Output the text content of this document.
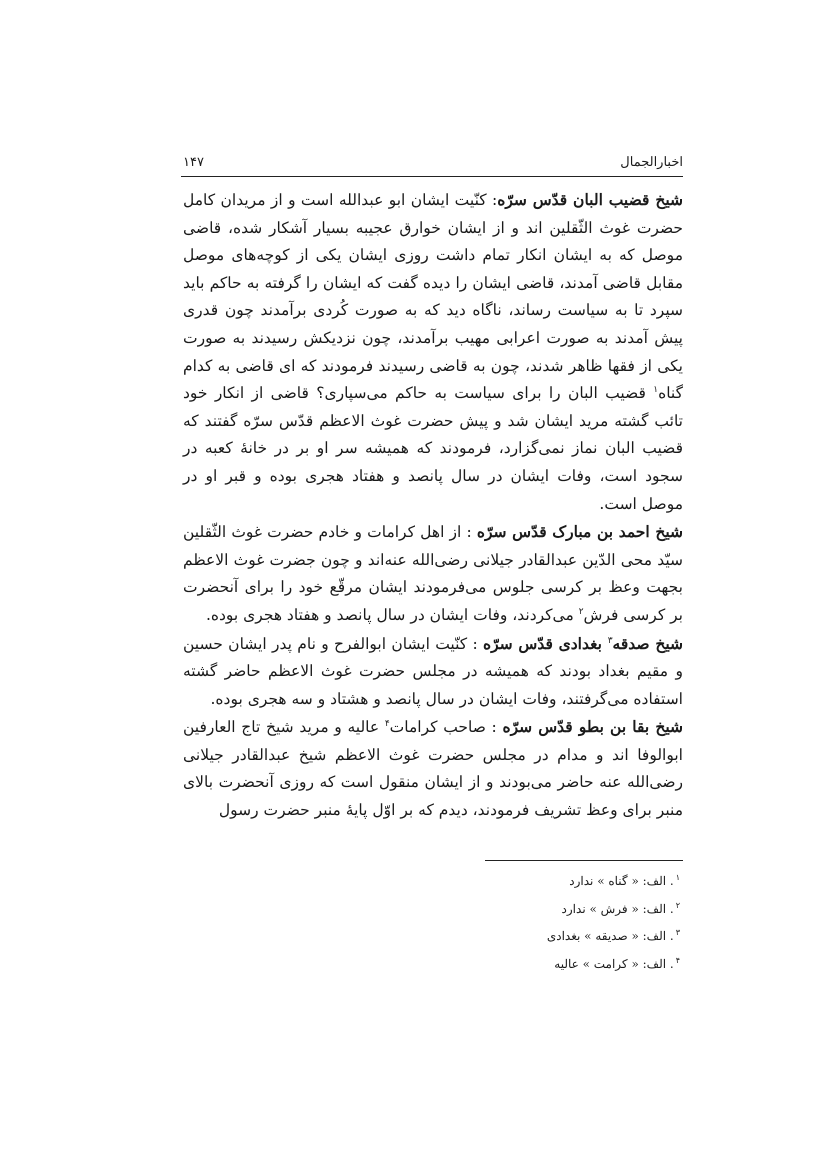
اخبارالجمال
۱۴۷

شیخ قضیب البان قدّس سرّه: کنّیت ایشان ابو عبدالله است و از مریدان کامل حضرت غوث الثّقلین اند و از ایشان خوارق عجیبه بسیار آشکار شده، قاضی موصل که به ایشان انکار تمام داشت روزی ایشان یکی از کوچه‌های موصل مقابل قاضی آمدند، قاضی ایشان را دیده گفت که ایشان را گرفته به حاکم باید سپرد تا به سیاست رساند، ناگاه دید که به صورت کُردی برآمدند چون قدری پیش آمدند به صورت اعرابی مهیب برآمدند، چون نزدیکش رسیدند به صورت یکی از فقها ظاهر شدند، چون به قاضی رسیدند فرمودند که ای قاضی به کدام گناه$^۱$ قضیب البان را برای سیاست به حاکم می‌سپاری؟ قاضی از انکار خود تائب گشته مرید ایشان شد و پیش حضرت غوث الاعظم قدّس سرّه گفتند که قضیب البان نماز نمی‌گزارد، فرمودند که همیشه سر او بر در خانهٔ کعبه در سجود است، وفات ایشان در سال پانصد و هفتاد هجری بوده و قبر او در موصل است.

شیخ احمد بن مبارک قدّس سرّه : از اهل کرامات و خادم حضرت غوث الثّقلین سیّد محی الدّین عبدالقادر جیلانی رضی‌الله عنه‌اند و چون جضرت غوث الاعظم بجهت وعظ بر کرسی جلوس می‌فرمودند ایشان مرقّع خود را برای آنحضرت بر کرسی فرش$^۲$ می‌کردند، وفات ایشان در سال پانصد و هفتاد هجری بوده.

شیخ صدقه$^۳$ بغدادی قدّس سرّه : کنّیت ایشان ابوالفرح و نام پدر ایشان حسین و مقیم بغداد بودند که همیشه در مجلس حضرت غوث الاعظم حاضر گشته استفاده می‌گرفتند، وفات ایشان در سال پانصد و هشتاد و سه هجری بوده.

شیخ بقا بن بطو قدّس سرّه : صاحب کرامات$^۴$ عالیه و مرید شیخ تاج العارفین ابوالوفا اند و مدام در مجلس حضرت غوث الاعظم شیخ عبدالقادر جیلانی رضی‌الله عنه حاضر می‌بودند و از ایشان منقول است که روزی آنحضرت بالای منبر برای وعظ تشریف فرمودند، دیدم که بر اوّل پایهٔ منبر حضرت رسول

$^۱$. الف: « گناه » ندارد
$^۲$. الف: « فرش » ندارد
$^۳$. الف: « صدیقه » بغدادی
$^۴$. الف: « کرامت » عالیه
